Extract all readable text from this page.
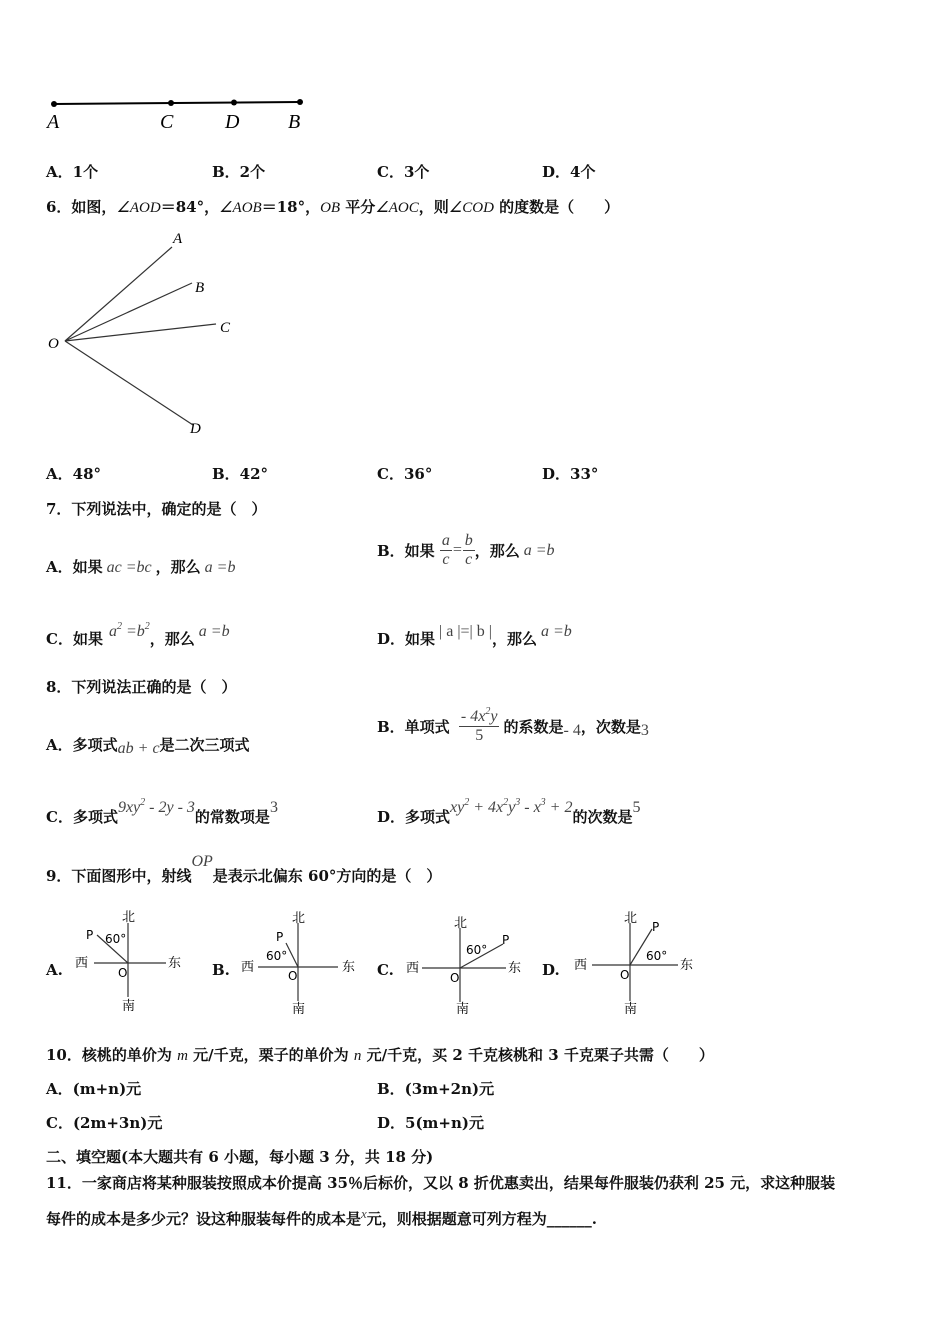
A	C	D B
A．1个	B．2个	C．3个	D．4个
6．如图，∠AOD＝84°，∠AOB＝18°，OB 平分∠AOC，则∠COD 的度数是（　　）
O
A
B
C
D
A．48°	B．42°	C．36°	D．33°
7．下列说法中，确定的是（　）
A．如果 ac =bc ，那么 a =b
B．如果 $\frac{a}{c} = \frac{b}{c}$ ，那么 a =b
C．如果 $a^2 =b^2$，那么 a =b	D．如果 | a |=| b |，那么 a =b
8．下列说法正确的是（　）
A．多项式ab + c是二次三项式
B．单项式 $\frac{- 4x^2y}{5}$ 的系数是- 4，次数是3
C．多项式$9xy^2 - 2y - 3$的常数项是3
D．多项式$xy^2 + 4x^2y^3 - x^3 + 2$的次数是5
9．下面图形中，射线OP是表示北偏东 60°方向的是（　）
A.	B.	C.	D.
北
南
东
西
O
P 60°
北
南
东
西
O
P
60°
北
南
东
西
O
P
60°
北
南
东
西
O
P
60°
10．核桃的单价为 m 元/千克，栗子的单价为 n 元/千克，买 2 千克核桃和 3 千克栗子共需（　　）
A．(m+n)元	B．(3m+2n)元
C．(2m+3n)元	D．5(m+n)元
二、填空题(本大题共有 6 小题，每小题 3 分，共 18 分)
11．一家商店将某种服装按照成本价提高 35％后标价，又以 8 折优惠卖出，结果每件服装仍获利 25 元，求这种服装
每件的成本是多少元？设这种服装每件的成本是x元，则根据题意可列方程为______.
